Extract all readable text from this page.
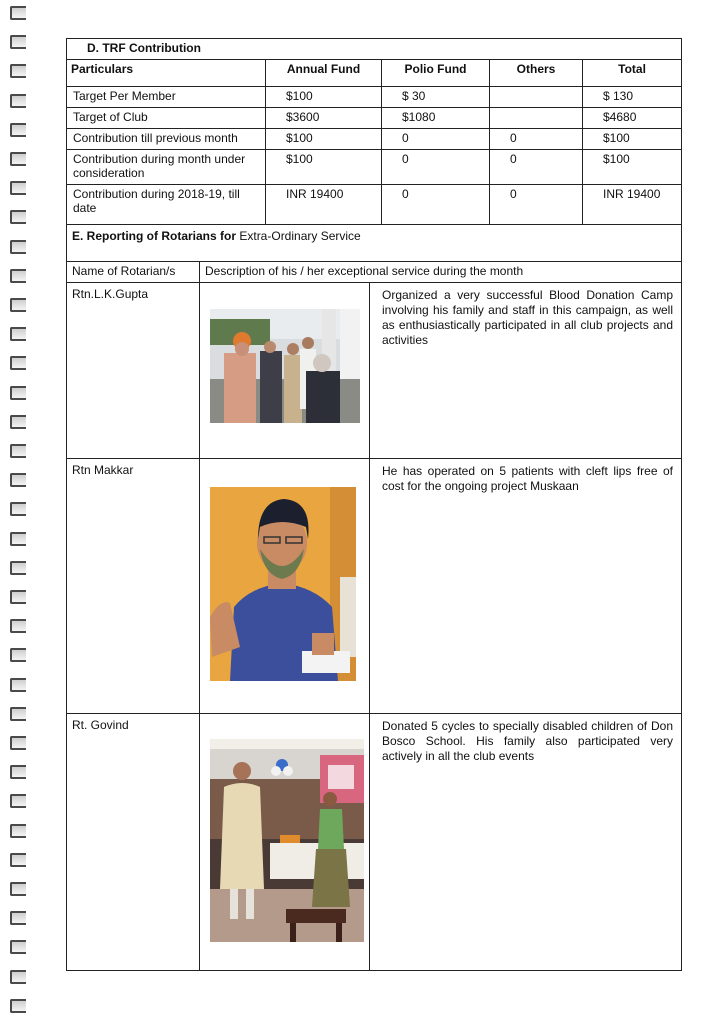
D. TRF Contribution				
Particulars	Annual Fund	Polio Fund	Others	Total
Target Per Member	$100	$ 30		$ 130
Target of Club	$3600	$1080		$4680
Contribution till previous month	$100	0	0	$100
Contribution during month under consideration	$100	0	0	$100
Contribution during 2018-19, till date	INR 19400	0	0	INR 19400
E. Reporting of Rotarians for Extra-Ordinary Service		
Name of Rotarian/s	Description of his / her exceptional service during the month	
Rtn.L.K.Gupta		Organized a very successful Blood Donation Camp involving his family and staff in this campaign, as well as enthusiastically participated in all club projects and activities
Rtn Makkar		He has operated on 5 patients with cleft lips free of cost for the ongoing project Muskaan
Rt. Govind		Donated 5 cycles to specially disabled children of Don Bosco School. His family also participated very actively in all the club events
